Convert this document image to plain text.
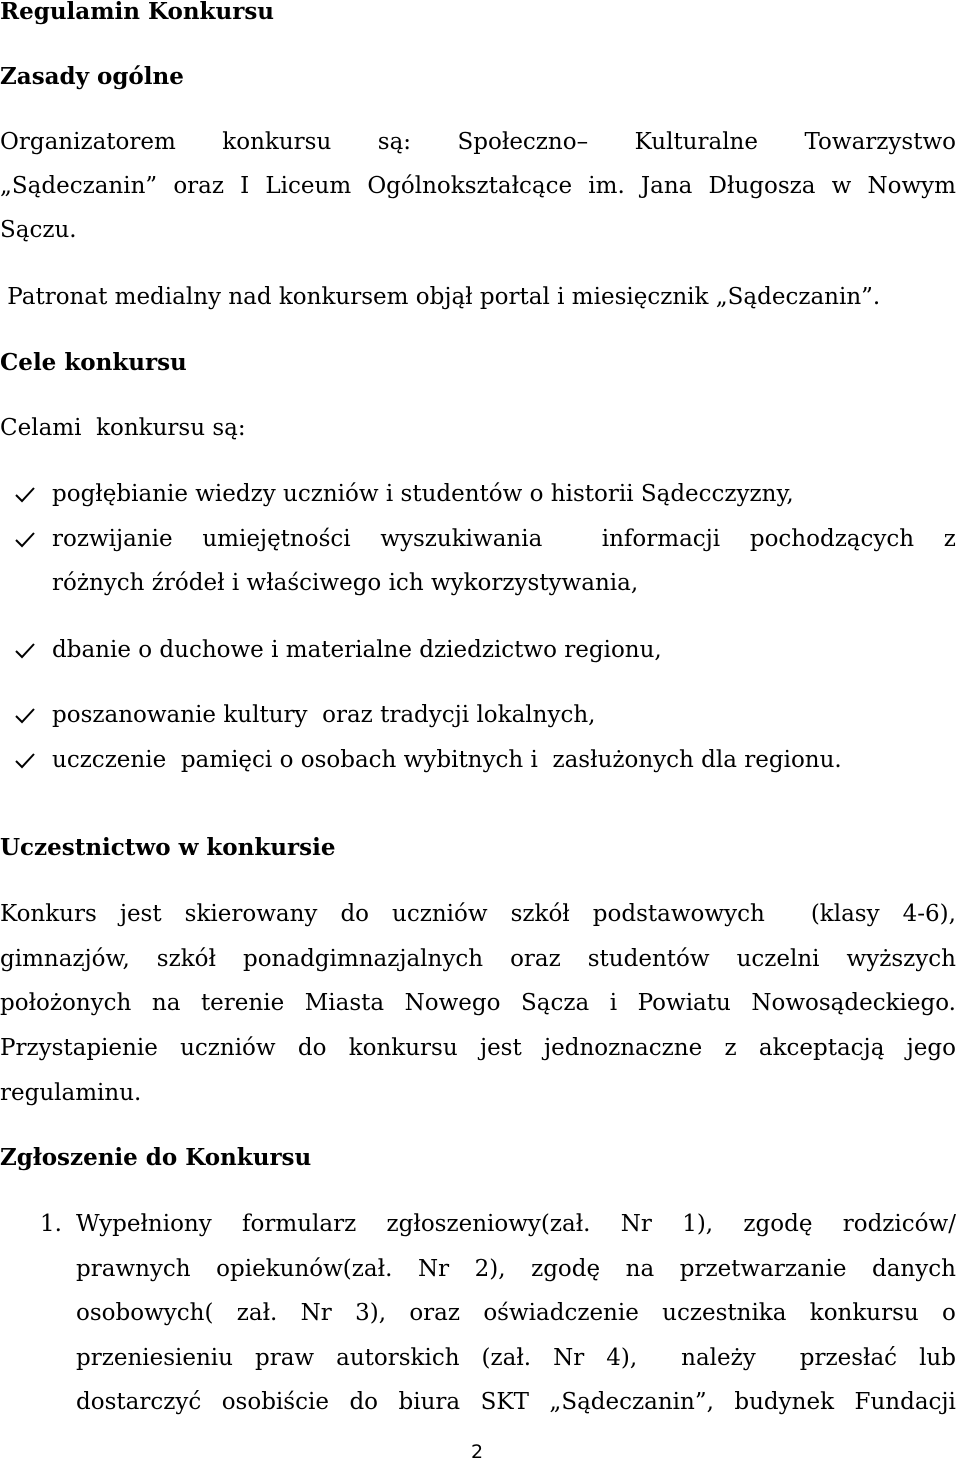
Regulamin Konkursu
Zasady ogólne
Organizatorem konkursu są: Społeczno– Kulturalne Towarzystwo
„Sądeczanin” oraz I Liceum Ogólnokształcące im. Jana Długosza w Nowym
Sączu.
Patronat medialny nad konkursem objął portal i miesięcznik „Sądeczanin”.
Cele konkursu
Celami  konkursu są:
pogłębianie wiedzy uczniów i studentów o historii Sądecczyzny,
rozwijanie umiejętności wyszukiwania	informacji pochodzących z
różnych źródeł i właściwego ich wykorzystywania,
dbanie o duchowe i materialne dziedzictwo regionu,
poszanowanie kultury  oraz tradycji lokalnych,
uczczenie  pamięci o osobach wybitnych i  zasłużonych dla regionu.
Uczestnictwo w konkursie
Konkurs jest skierowany do uczniów szkół podstawowych (klasy 4-6),
gimnazjów, szkół ponadgimnazjalnych oraz studentów uczelni wyższych
położonych na terenie Miasta Nowego Sącza i Powiatu Nowosądeckiego.
Przystapienie uczniów do konkursu jest jednoznaczne z akceptacją jego
regulaminu.
Zgłoszenie do Konkursu
1. Wypełniony formularz zgłoszeniowy(zał. Nr 1), zgodę rodziców/
prawnych opiekunów(zał. Nr 2), zgodę na przetwarzanie danych
osobowych( zał. Nr 3), oraz oświadczenie uczestnika konkursu o
przeniesieniu praw autorskich (zał. Nr 4), należy przesłać lub
dostarczyć osobiście do biura SKT „Sądeczanin”, budynek Fundacji
2
